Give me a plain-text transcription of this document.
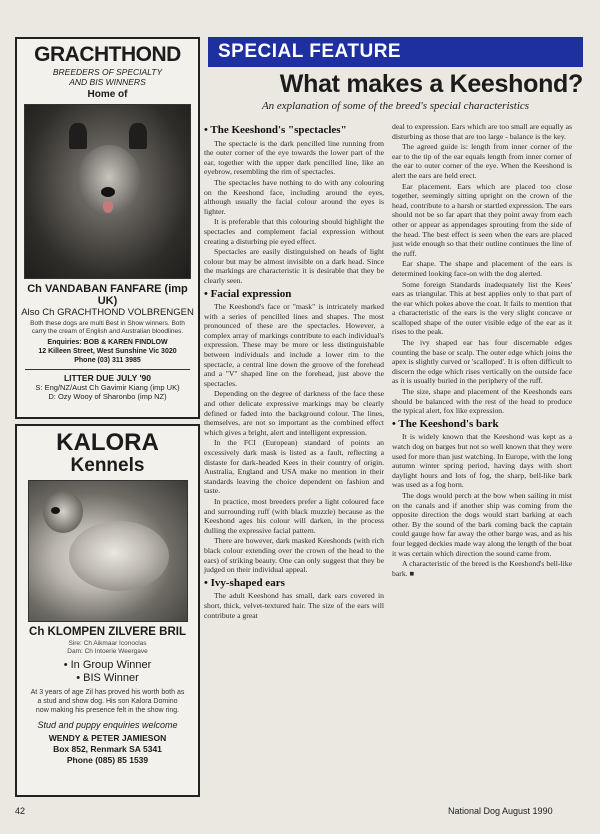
GRACHTHOND
BREEDERS OF SPECIALTY
AND BIS WINNERS
Home of
Ch VANDABAN FANFARE (imp UK)
Also Ch GRACHTHOND VOLBRENGEN
Both these dogs are multi Best in Show winners. Both
carry the cream of English and Australian bloodlines.
Enquiries: BOB & KAREN FINDLOW
12 Killeen Street, West Sunshine Vic 3020
Phone (03) 311 3985
LITTER DUE JULY '90
S: Eng/NZ/Aust Ch Gavimir Kiang (imp UK)
D: Ozy Wooy of Sharonbo (imp NZ)
KALORA
Kennels
Ch KLOMPEN ZILVERE BRIL
Sire: Ch Aikmaar Iconoclas
Dam: Ch Intoerie Weergave
• In Group Winner
• BIS Winner
At 3 years of age Zil has proved his worth both as
a stud and show dog. His son Kalora Domino
now making his presence felt in the show ring.
Stud and puppy enquiries welcome
WENDY & PETER JAMIESON
Box 852, Renmark SA 5341
Phone (085) 85 1539
SPECIAL FEATURE
What makes a Keeshond?
An explanation of some of the breed's special characteristics
• The Keeshond's "spectacles"

The spectacle is the dark pencilled line running from the outer corner of the eye towards the lower part of the ear, together with the upper dark pencilled line, like an eyebrow, resembling the rim of spectacles.

The spectacles have nothing to do with any colouring on the Keeshond face, including around the eyes, although usually the facial colour around the eyes is lighter.

It is preferable that this colouring should highlight the spectacles and complement facial expression without creating a disturbing pie eyed effect.

Spectacles are easily distinguished on heads of light colour but may be almost invisible on a dark head. Since the markings are characteristic it is desirable that they be clearly seen.

• Facial expression

The Keeshond's face or "mask" is intricately marked with a series of pencilled lines and shapes. The most pronounced of these are the spectacles. However, a complex array of markings contribute to each individual's expression. These may be more or less distinguishable between individuals and include a lower rim to the spectacle, a central line down the groove of the forehead and a "V" shaped line on the forehead, just above the spectacles.

Depending on the degree of darkness of the face these and other delicate expressive markings may be clearly defined or faded into the background colour. The lines, themselves, are not so important as the combined effect which gives a bright, alert and intelligent expression.

In the FCI (European) standard of points an excessively dark mask is listed as a fault, reflecting a distaste for dark-headed Kees in their country of origin. Australia, England and USA make no mention in their standards leaving the choice dependent on fashion and taste.

In practice, most breeders prefer a light coloured face and surrounding ruff (with black muzzle) because as the Keeshond ages his colour will darken, in the process dulling the expressive facial pattern.

There are however, dark masked Keeshonds (with rich black colour extending over the crown of the head to the ears) of striking beauty. One can only suggest that they be judged on their individual appeal.

• Ivy-shaped ears

The adult Keeshond has small, dark ears covered in short, thick, velvet-textured hair. The size of the ears will contribute a great

deal to expression. Ears which are too small are equally as disturbing as those that are too large - balance is the key.

The agreed guide is: length from inner corner of the ear to the tip of the ear equals length from inner corner of the ear to outer corner of the eye. When the Keeshond is alert the ears are held erect.

Ear placement. Ears which are placed too close together, seemingly sitting upright on the crown of the head, contribute to a harsh or startled expression. The ears should not be so far apart that they point away from each other or appear as appendages sprouting from the side of the head. The best effect is seen when the ears are placed just wide enough so that their outline continues the line of the ruff.

Ear shape. The shape and placement of the ears is determined looking face-on with the dog alerted.

Some foreign Standards inadequately list the Kees' ears as triangular. This at best applies only to that part of the ear which pokes above the coat. It fails to mention that a characteristic of the ears is the very slight concave or scalloped shape of the outer visible edge of the ear as it rises to the peak.

The ivy shaped ear has four discernable edges counting the base or scalp. The outer edge which joins the apex is slightly curved or 'scalloped'. It is often difficult to discern the edge which rises vertically on the outside face as it is usually buried in the periphery of the ruff.

The size, shape and placement of the Keeshonds ears should be balanced with the rest of the head to produce the typical alert, fox like expression.

• The Keeshond's bark

It is widely known that the Keeshond was kept as a watch dog on barges but not so well known that they were used for more than just watching. In Europe, with the long autumn winter spring period, having days with short daylight hours and lots of fog, the sharp, bell-like bark was used as a fog horn.

The dogs would perch at the bow when sailing in mist on the canals and if another ship was coming from the opposite direction the dogs would start barking at each other. By the sound of the bark coming back the captain could gauge how far away the other barge was, and as his four legged deckies made way along the length of the boat it was certain which direction the sound came from.

A characteristic of the breed is the Keeshond's bell-like bark. ■

42	National Dog August 1990
